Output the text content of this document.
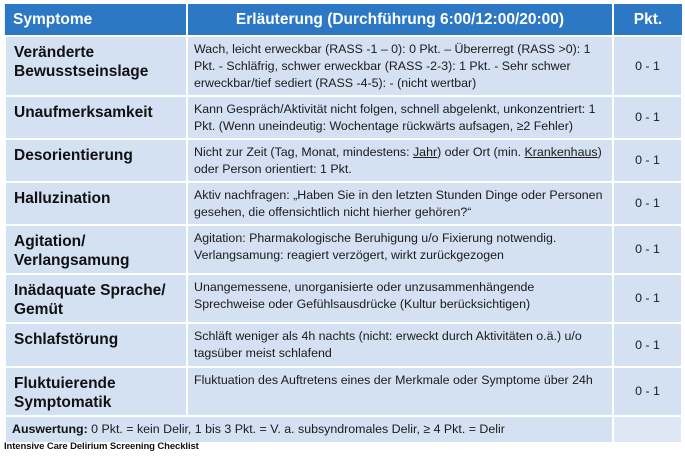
Symptome	Erläuterung (Durchführung 6:00/12:00/20:00)	Pkt.
Veränderte Bewusstseinslage	Wach, leicht erweckbar (RASS -1 – 0): 0 Pkt. – Übererregt (RASS >0): 1 Pkt. - Schläfrig, schwer erweckbar (RASS -2-3): 1 Pkt. - Sehr schwer erweckbar/tief sediert (RASS -4-5): - (nicht wertbar)	0 - 1
Unaufmerksamkeit	Kann Gespräch/Aktivität nicht folgen, schnell abgelenkt, unkonzentriert: 1 Pkt. (Wenn uneindeutig: Wochentage rückwärts aufsagen, ≥2 Fehler)	0 - 1
Desorientierung	Nicht zur Zeit (Tag, Monat, mindestens: Jahr) oder Ort (min. Krankenhaus) oder Person orientiert: 1 Pkt.	0 - 1
Halluzination	Aktiv nachfragen: „Haben Sie in den letzten Stunden Dinge oder Personen gesehen, die offensichtlich nicht hierher gehören?“	0 - 1
Agitation/ Verlangsamung	Agitation: Pharmakologische Beruhigung u/o Fixierung notwendig. Verlangsamung: reagiert verzögert, wirkt zurückgezogen	0 - 1
Inädaquate Sprache/ Gemüt	Unangemessene, unorganisierte oder unzusammenhängende Sprechweise oder Gefühlsausdrücke (Kultur berücksichtigen)	0 - 1
Schlafstörung	Schläft weniger als 4h nachts (nicht: erweckt durch Aktivitäten o.ä.) u/o tagsüber meist schlafend	0 - 1
Fluktuierende Symptomatik	Fluktuation des Auftretens eines der Merkmale oder Symptome über 24h	0 - 1
Auswertung: 0 Pkt. = kein Delir, 1 bis 3 Pkt. = V. a. subsyndromales Delir, ≥ 4 Pkt. = Delir		
Intensive Care Delirium Screening Checklist
